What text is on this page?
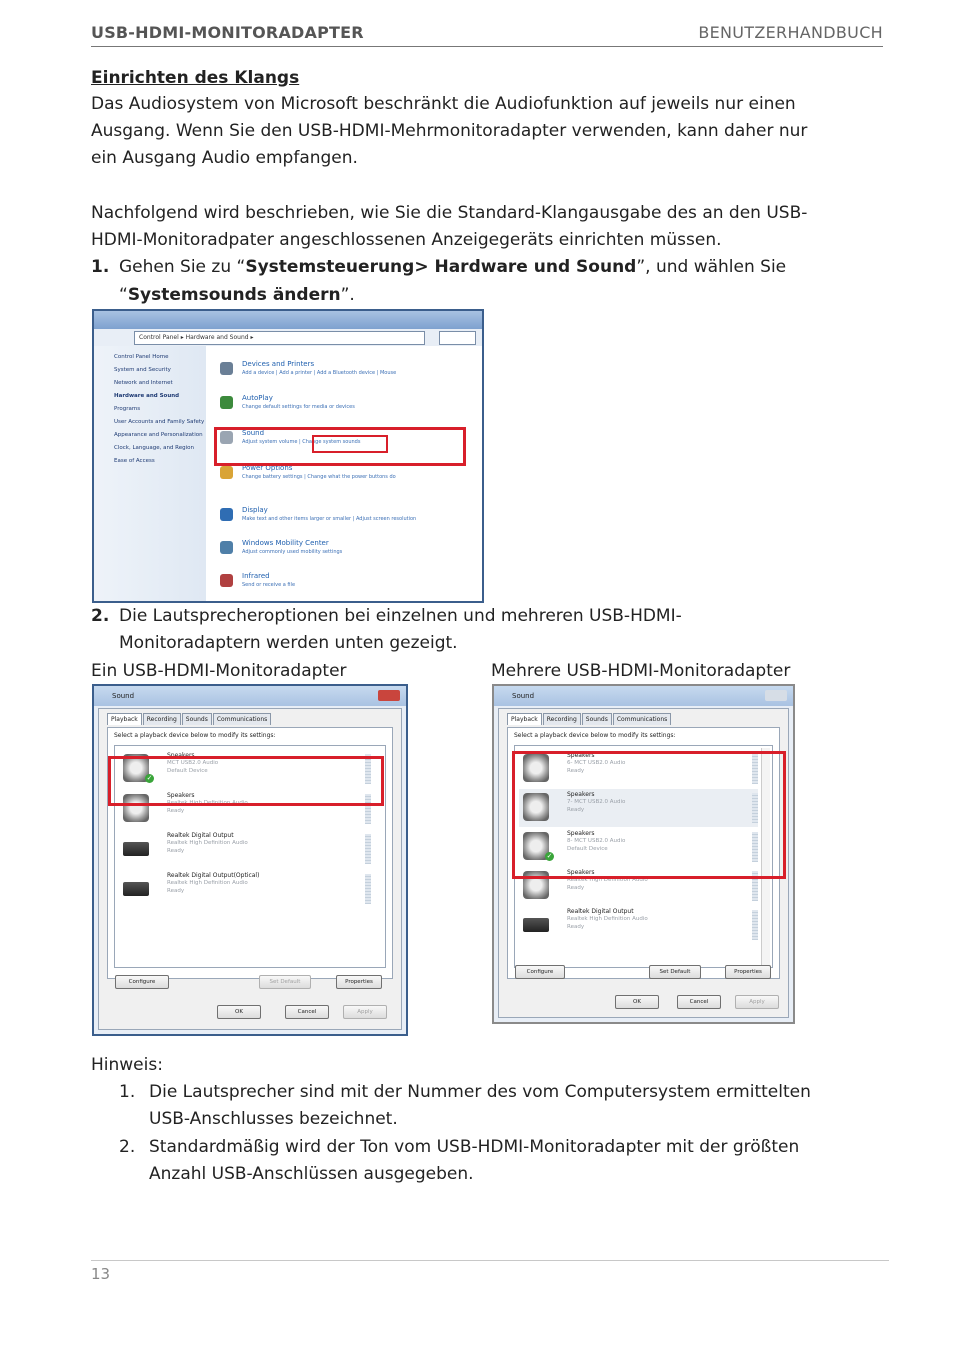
USB-HDMI-MONITORADAPTER	BENUTZERHANDBUCH
Einrichten des Klangs
Das Audiosystem von Microsoft beschränkt die Audiofunktion auf jeweils nur einen
Ausgang. Wenn Sie den USB-HDMI-Mehrmonitoradapter verwenden, kann daher nur
ein Ausgang Audio empfangen.
Nachfolgend wird beschrieben, wie Sie die Standard-Klangausgabe des an den USB-
HDMI-Monitoradpater angeschlossenen Anzeigegeräts einrichten müssen.
1. Gehen Sie zu “Systemsteuerung> Hardware und Sound”, und wählen Sie
“Systemsounds ändern”.
Control Panel ▸ Hardware and Sound ▸
Control Panel Home
System and Security
Network and Internet
Hardware and Sound
Programs
User Accounts and Family Safety
Appearance and Personalization
Clock, Language, and Region
Ease of Access
Devices and Printers
Add a device | Add a printer | Add a Bluetooth device | Mouse
AutoPlay
Change default settings for media or devices
Sound
Adjust system volume | Change system sounds
Power Options
Change battery settings | Change what the power buttons do
Display
Make text and other items larger or smaller | Adjust screen resolution
Windows Mobility Center
Adjust commonly used mobility settings
Infrared
Send or receive a file
2. Die Lautsprecheroptionen bei einzelnen und mehreren USB-HDMI-
Monitoradaptern werden unten gezeigt.
Ein USB-HDMI-Monitoradapter	Mehrere USB-HDMI-Monitoradapter
Sound
Playback Recording Sounds Communications
Select a playback device below to modify its settings:
✓
Speakers
MCT USB2.0 Audio
Default Device
Speakers
Realtek High Definition Audio
Ready
Realtek Digital Output
Realtek High Definition Audio
Ready
Realtek Digital Output(Optical)
Realtek High Definition Audio
Ready
Configure	Set Default	Properties
OK	Cancel	Apply
Sound
Playback Recording Sounds Communications
Select a playback device below to modify its settings:
Speakers
6- MCT USB2.0 Audio
Ready
Speakers
7- MCT USB2.0 Audio
Ready
✓
Speakers
8- MCT USB2.0 Audio
Default Device
Speakers
Realtek High Definition Audio
Ready
Realtek Digital Output
Realtek High Definition Audio
Ready
Configure	Set Default	Properties
OK	Cancel	Apply
Hinweis:
1. Die Lautsprecher sind mit der Nummer des vom Computersystem ermittelten
USB-Anschlusses bezeichnet.
2. Standardmäßig wird der Ton vom USB-HDMI-Monitoradapter mit der größten
Anzahl USB-Anschlüssen ausgegeben.
13
